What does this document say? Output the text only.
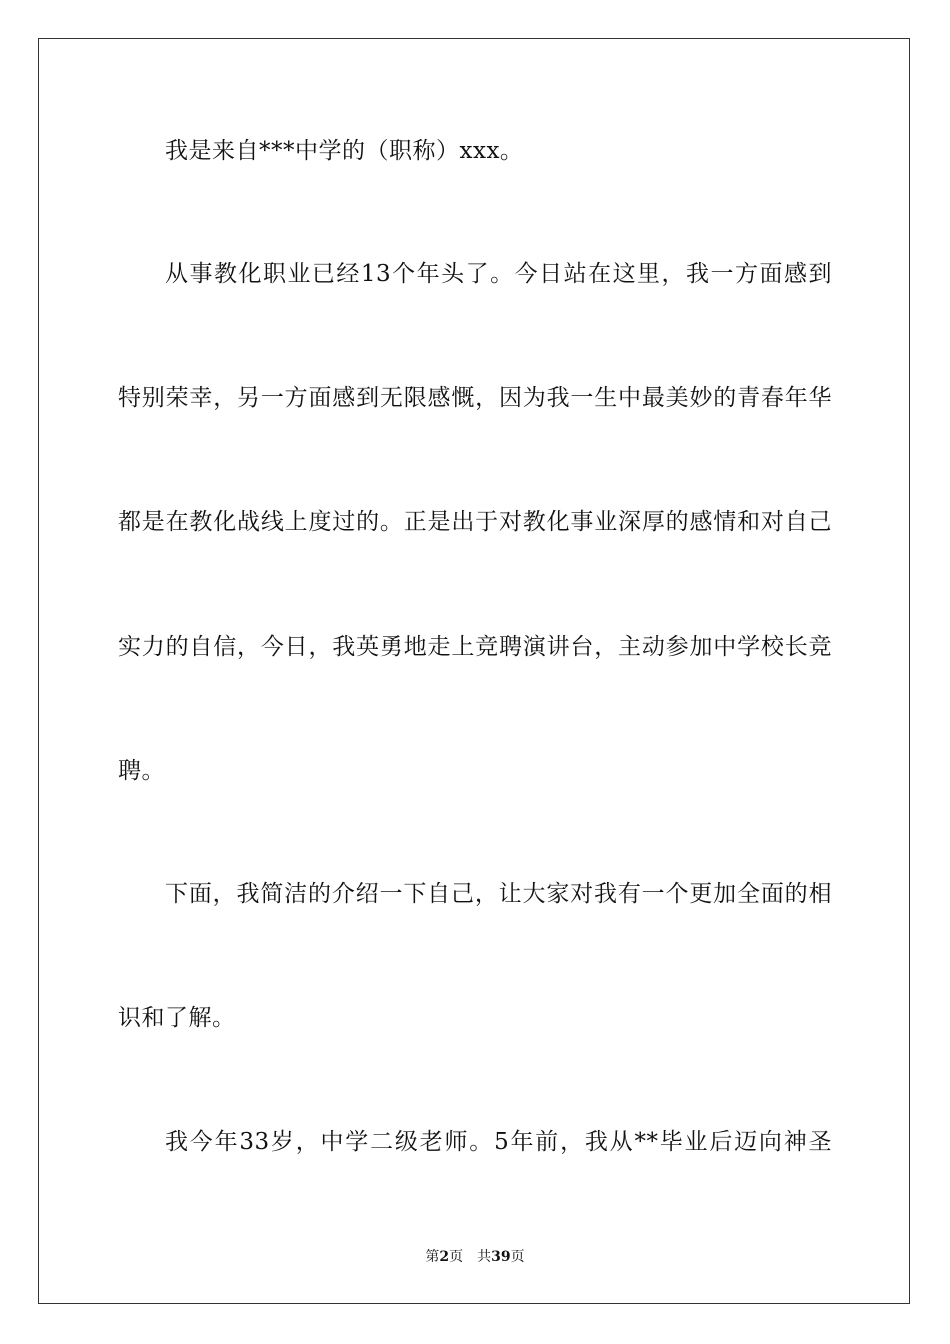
我是来自***中学的（职称）xxx。
从事教化职业已经13个年头了。今日站在这里，我一方面感到
特别荣幸，另一方面感到无限感慨，因为我一生中最美妙的青春年华
都是在教化战线上度过的。正是出于对教化事业深厚的感情和对自己
实力的自信，今日，我英勇地走上竞聘演讲台，主动参加中学校长竞
聘。
下面，我简洁的介绍一下自己，让大家对我有一个更加全面的相
识和了解。
我今年33岁，中学二级老师。5年前，我从**毕业后迈向神圣
第2页 共39页
